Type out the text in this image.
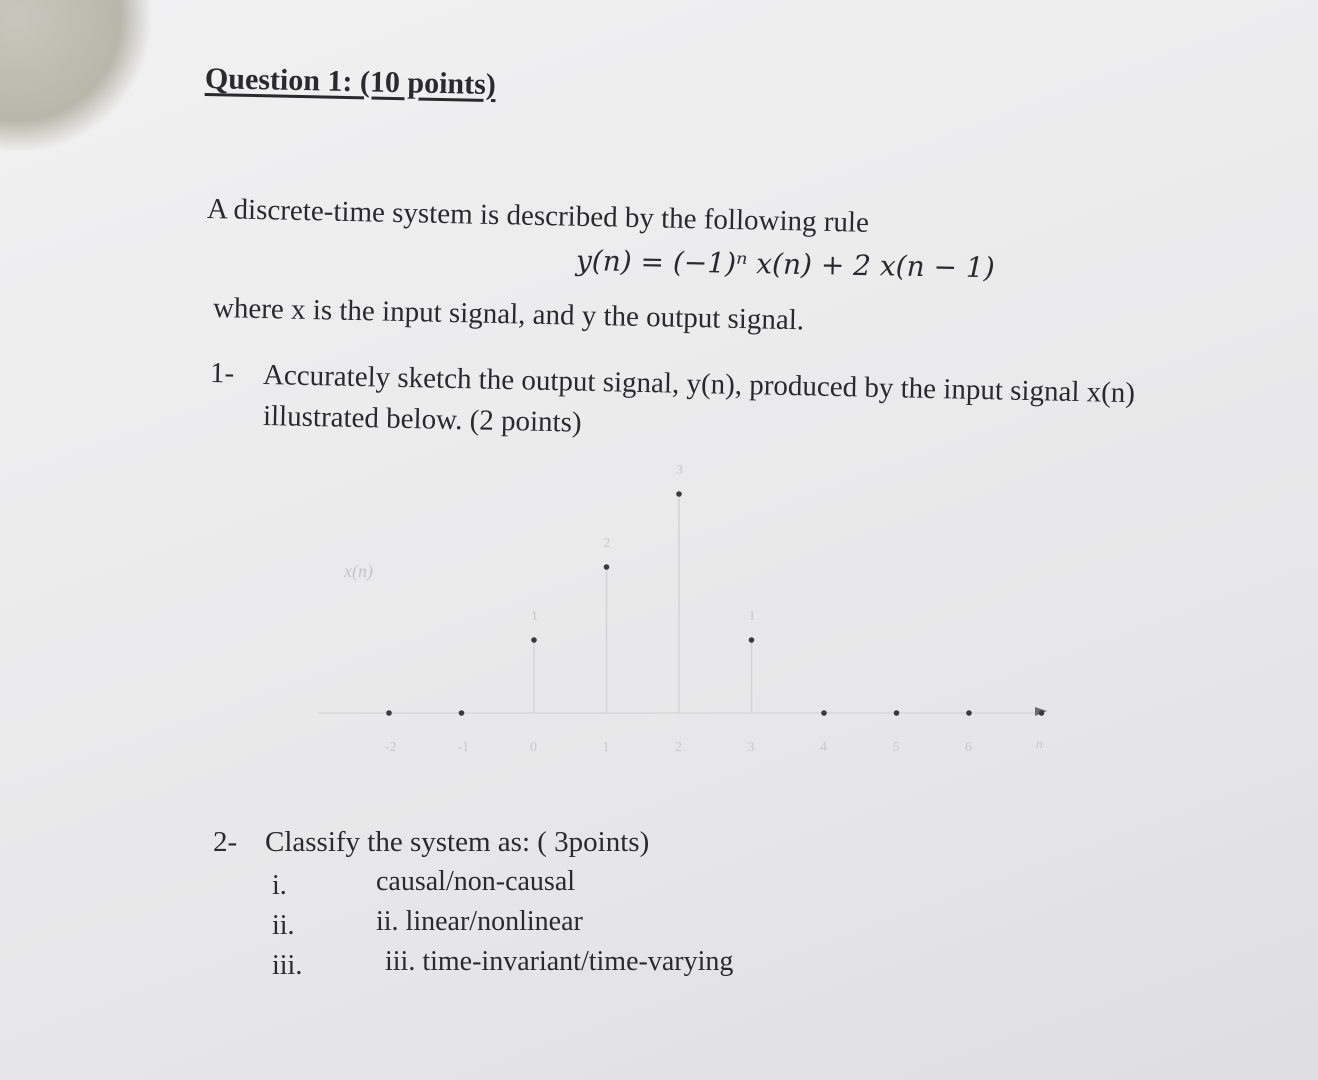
Question 1: (10 points)
A discrete-time system is described by the following rule
y(n) = (−1)ⁿ x(n) + 2 x(n − 1)
where x is the input signal, and y the output signal.
1- Accurately sketch the output signal, y(n), produced by the input signal x(n)
illustrated below. (2 points)
x(n)
n
1
2
3
1
-2	-1	0	1	2	3	4	5	6
2- Classify the system as: ( 3points)
i.	causal/non-causal
ii.	ii. linear/nonlinear
iii.	iii. time-invariant/time-varying
